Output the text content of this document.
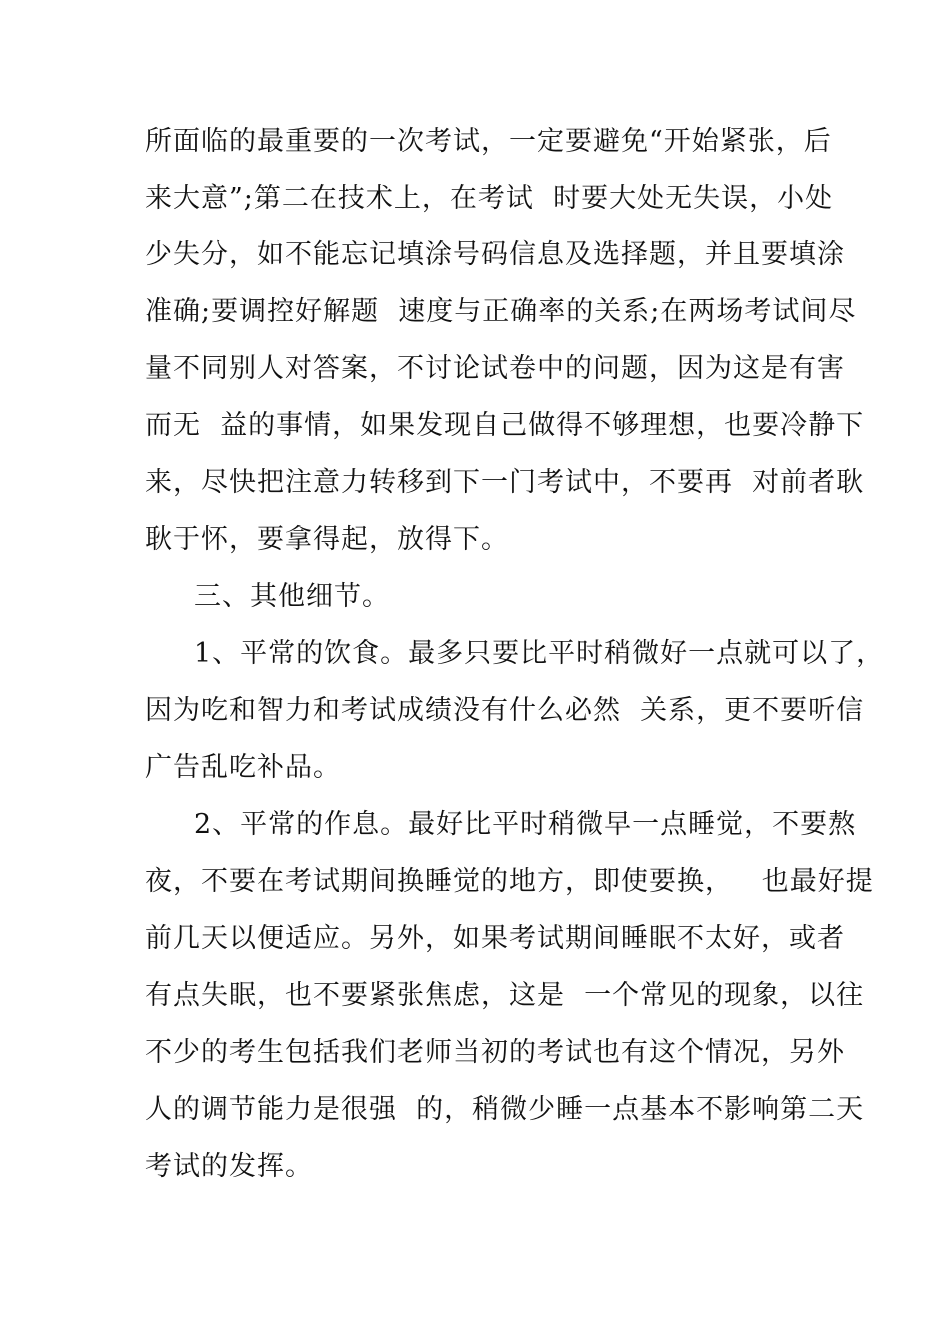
所面临的最重要的一次考试，一定要避免“开始紧张，后
来大意”;第二在技术上，在考试  时要大处无失误，小处
少失分，如不能忘记填涂号码信息及选择题，并且要填涂
准确;要调控好解题  速度与正确率的关系;在两场考试间尽
量不同别人对答案，不讨论试卷中的问题，因为这是有害
而无  益的事情，如果发现自己做得不够理想，也要冷静下
来，尽快把注意力转移到下一门考试中，不要再  对前者耿
耿于怀，要拿得起，放得下。
三、其他细节。
1、平常的饮食。最多只要比平时稍微好一点就可以了，
因为吃和智力和考试成绩没有什么必然  关系，更不要听信
广告乱吃补品。
2、平常的作息。最好比平时稍微早一点睡觉，不要熬
夜，不要在考试期间换睡觉的地方，即使要换，   也最好提
前几天以便适应。另外，如果考试期间睡眠不太好，或者
有点失眠，也不要紧张焦虑，这是  一个常见的现象，以往
不少的考生包括我们老师当初的考试也有这个情况，另外
人的调节能力是很强  的，稍微少睡一点基本不影响第二天
考试的发挥。
